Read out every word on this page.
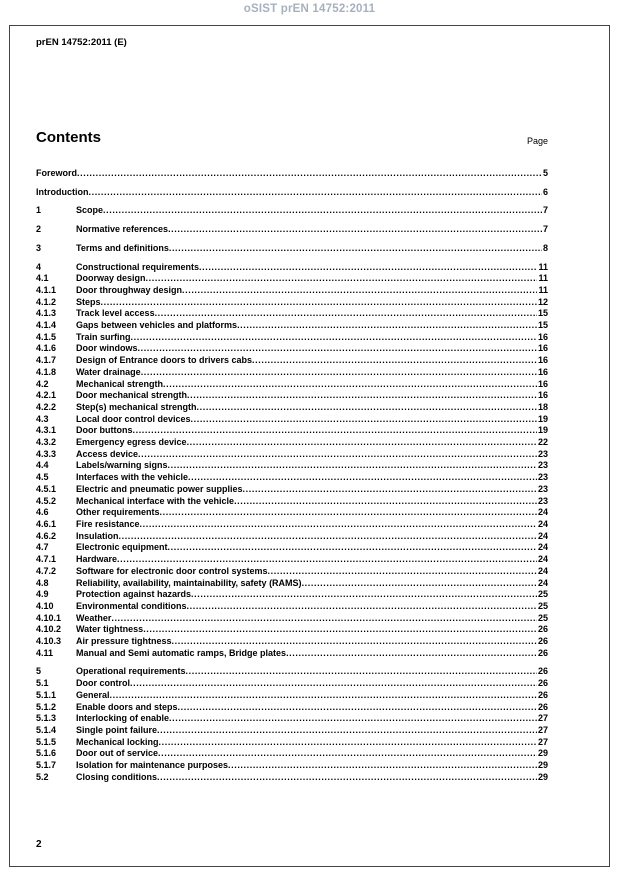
oSIST prEN 14752:2011
prEN 14752:2011 (E)
Contents	Page
Foreword .....	5
Introduction .....	6
1	Scope .....	7
2	Normative references .....	7
3	Terms and definitions .....	8
4	Constructional requirements .....	11
4.1	Doorway design .....	11
4.1.1	Door throughway design .....	11
4.1.2	Steps .....	12
4.1.3	Track level access .....	15
4.1.4	Gaps between vehicles and platforms .....	15
4.1.5	Train surfing .....	16
4.1.6	Door windows .....	16
4.1.7	Design of Entrance doors to drivers cabs .....	16
4.1.8	Water drainage .....	16
4.2	Mechanical strength .....	16
4.2.1	Door mechanical strength .....	16
4.2.2	Step(s) mechanical strength .....	18
4.3	Local door control devices .....	19
4.3.1	Door buttons .....	19
4.3.2	Emergency egress device .....	22
4.3.3	Access device .....	23
4.4	Labels/warning signs .....	23
4.5	Interfaces with the vehicle .....	23
4.5.1	Electric and pneumatic power supplies .....	23
4.5.2	Mechanical interface with the vehicle .....	23
4.6	Other requirements .....	24
4.6.1	Fire resistance .....	24
4.6.2	Insulation .....	24
4.7	Electronic equipment .....	24
4.7.1	Hardware .....	24
4.7.2	Software for electronic door control systems .....	24
4.8	Reliability, availability, maintainability, safety (RAMS) .....	24
4.9	Protection against hazards .....	25
4.10	Environmental conditions .....	25
4.10.1	Weather .....	25
4.10.2	Water tightness .....	26
4.10.3	Air pressure tightness .....	26
4.11	Manual and Semi automatic ramps, Bridge plates .....	26
5	Operational requirements .....	26
5.1	Door control .....	26
5.1.1	General .....	26
5.1.2	Enable doors and steps .....	26
5.1.3	Interlocking of enable .....	27
5.1.4	Single point failure .....	27
5.1.5	Mechanical locking .....	27
5.1.6	Door out of service .....	29
5.1.7	Isolation for maintenance purposes .....	29
5.2	Closing conditions .....	29
2
